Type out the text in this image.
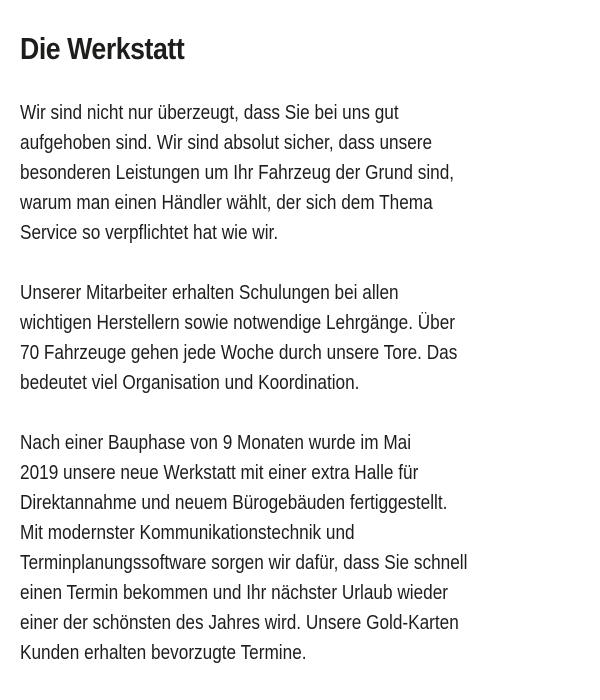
Die Werkstatt
Wir sind nicht nur überzeugt, dass Sie bei uns gut
aufgehoben sind. Wir sind absolut sicher, dass unsere
besonderen Leistungen um Ihr Fahrzeug der Grund sind,
warum man einen Händler wählt, der sich dem Thema
Service so verpflichtet hat wie wir.
Unserer Mitarbeiter erhalten Schulungen bei allen
wichtigen Herstellern sowie notwendige Lehrgänge. Über
70 Fahrzeuge gehen jede Woche durch unsere Tore. Das
bedeutet viel Organisation und Koordination.
Nach einer Bauphase von 9 Monaten wurde im Mai
2019 unsere neue Werkstatt mit einer extra Halle für
Direktannahme und neuem Bürogebäuden fertiggestellt.
Mit modernster Kommunikationstechnik und
Terminplanungssoftware sorgen wir dafür, dass Sie schnell
einen Termin bekommen und Ihr nächster Urlaub wieder
einer der schönsten des Jahres wird. Unsere Gold-Karten
Kunden erhalten bevorzugte Termine.
